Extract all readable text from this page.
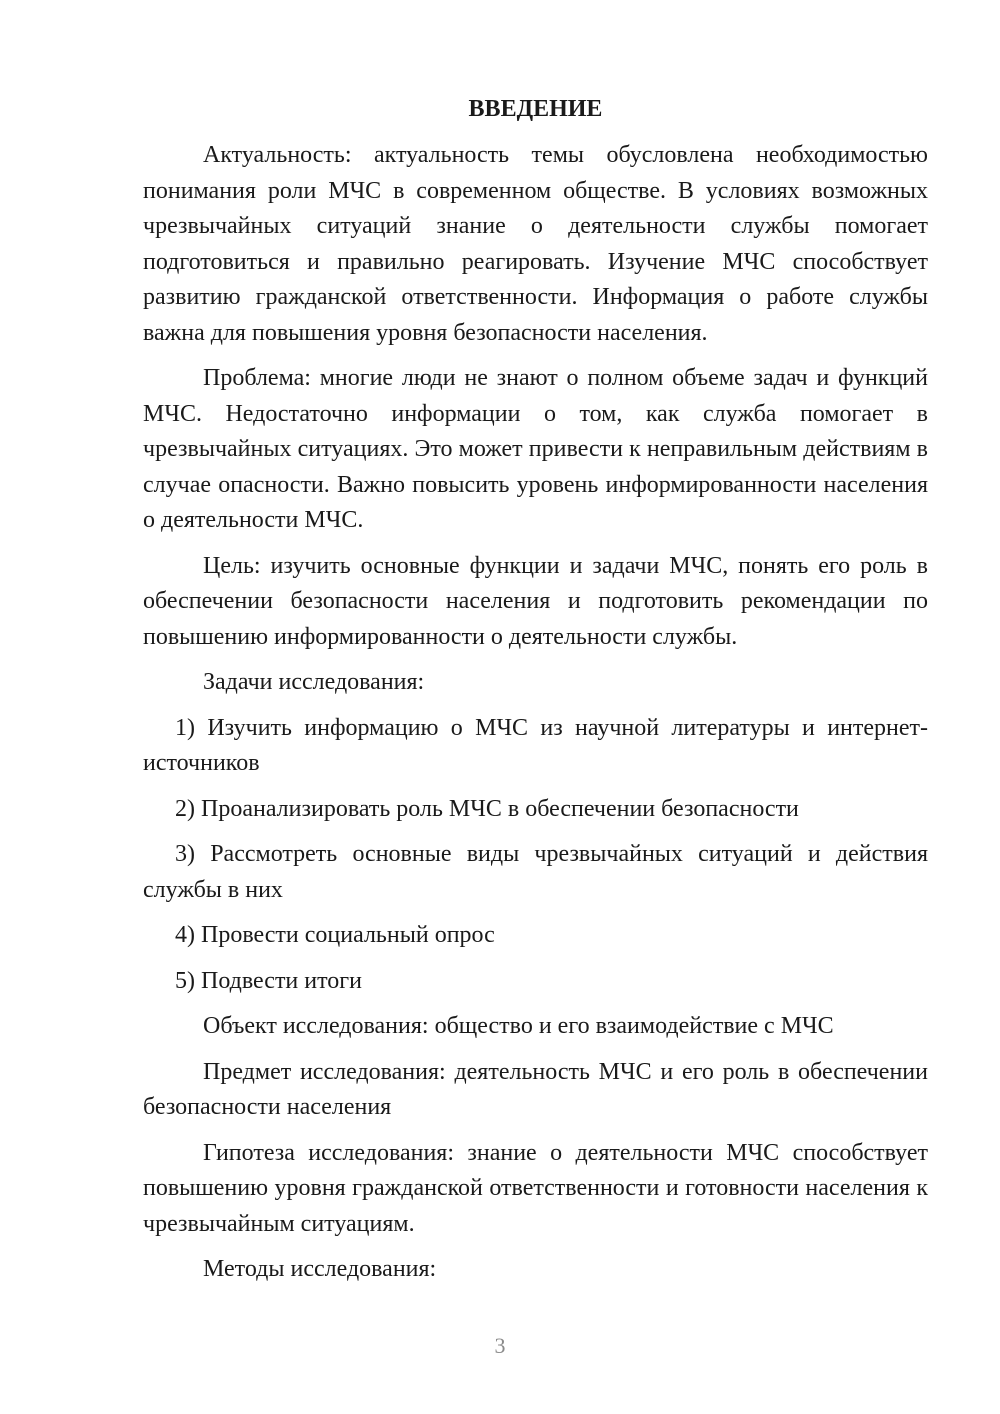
ВВЕДЕНИЕ

Актуальность: актуальность темы обусловлена необходимостью понимания роли МЧС в современном обществе. В условиях возможных чрезвычайных ситуаций знание о деятельности службы помогает подготовиться и правильно реагировать. Изучение МЧС способствует развитию гражданской ответственности. Информация о работе службы важна для повышения уровня безопасности населения.

Проблема: многие люди не знают о полном объеме задач и функций МЧС. Недостаточно информации о том, как служба помогает в чрезвычайных ситуациях. Это может привести к неправильным действиям в случае опасности. Важно повысить уровень информированности населения о деятельности МЧС.

Цель: изучить основные функции и задачи МЧС, понять его роль в обеспечении безопасности населения и подготовить рекомендации по повышению информированности о деятельности службы.

Задачи исследования:

1) Изучить информацию о МЧС из научной литературы и интернет-источников

2) Проанализировать роль МЧС в обеспечении безопасности

3) Рассмотреть основные виды чрезвычайных ситуаций и действия службы в них

4) Провести социальный опрос

5) Подвести итоги

Объект исследования: общество и его взаимодействие с МЧС

Предмет исследования: деятельность МЧС и его роль в обеспечении безопасности населения

Гипотеза исследования: знание о деятельности МЧС способствует повышению уровня гражданской ответственности и готовности населения к чрезвычайным ситуациям.

Методы исследования:

3
